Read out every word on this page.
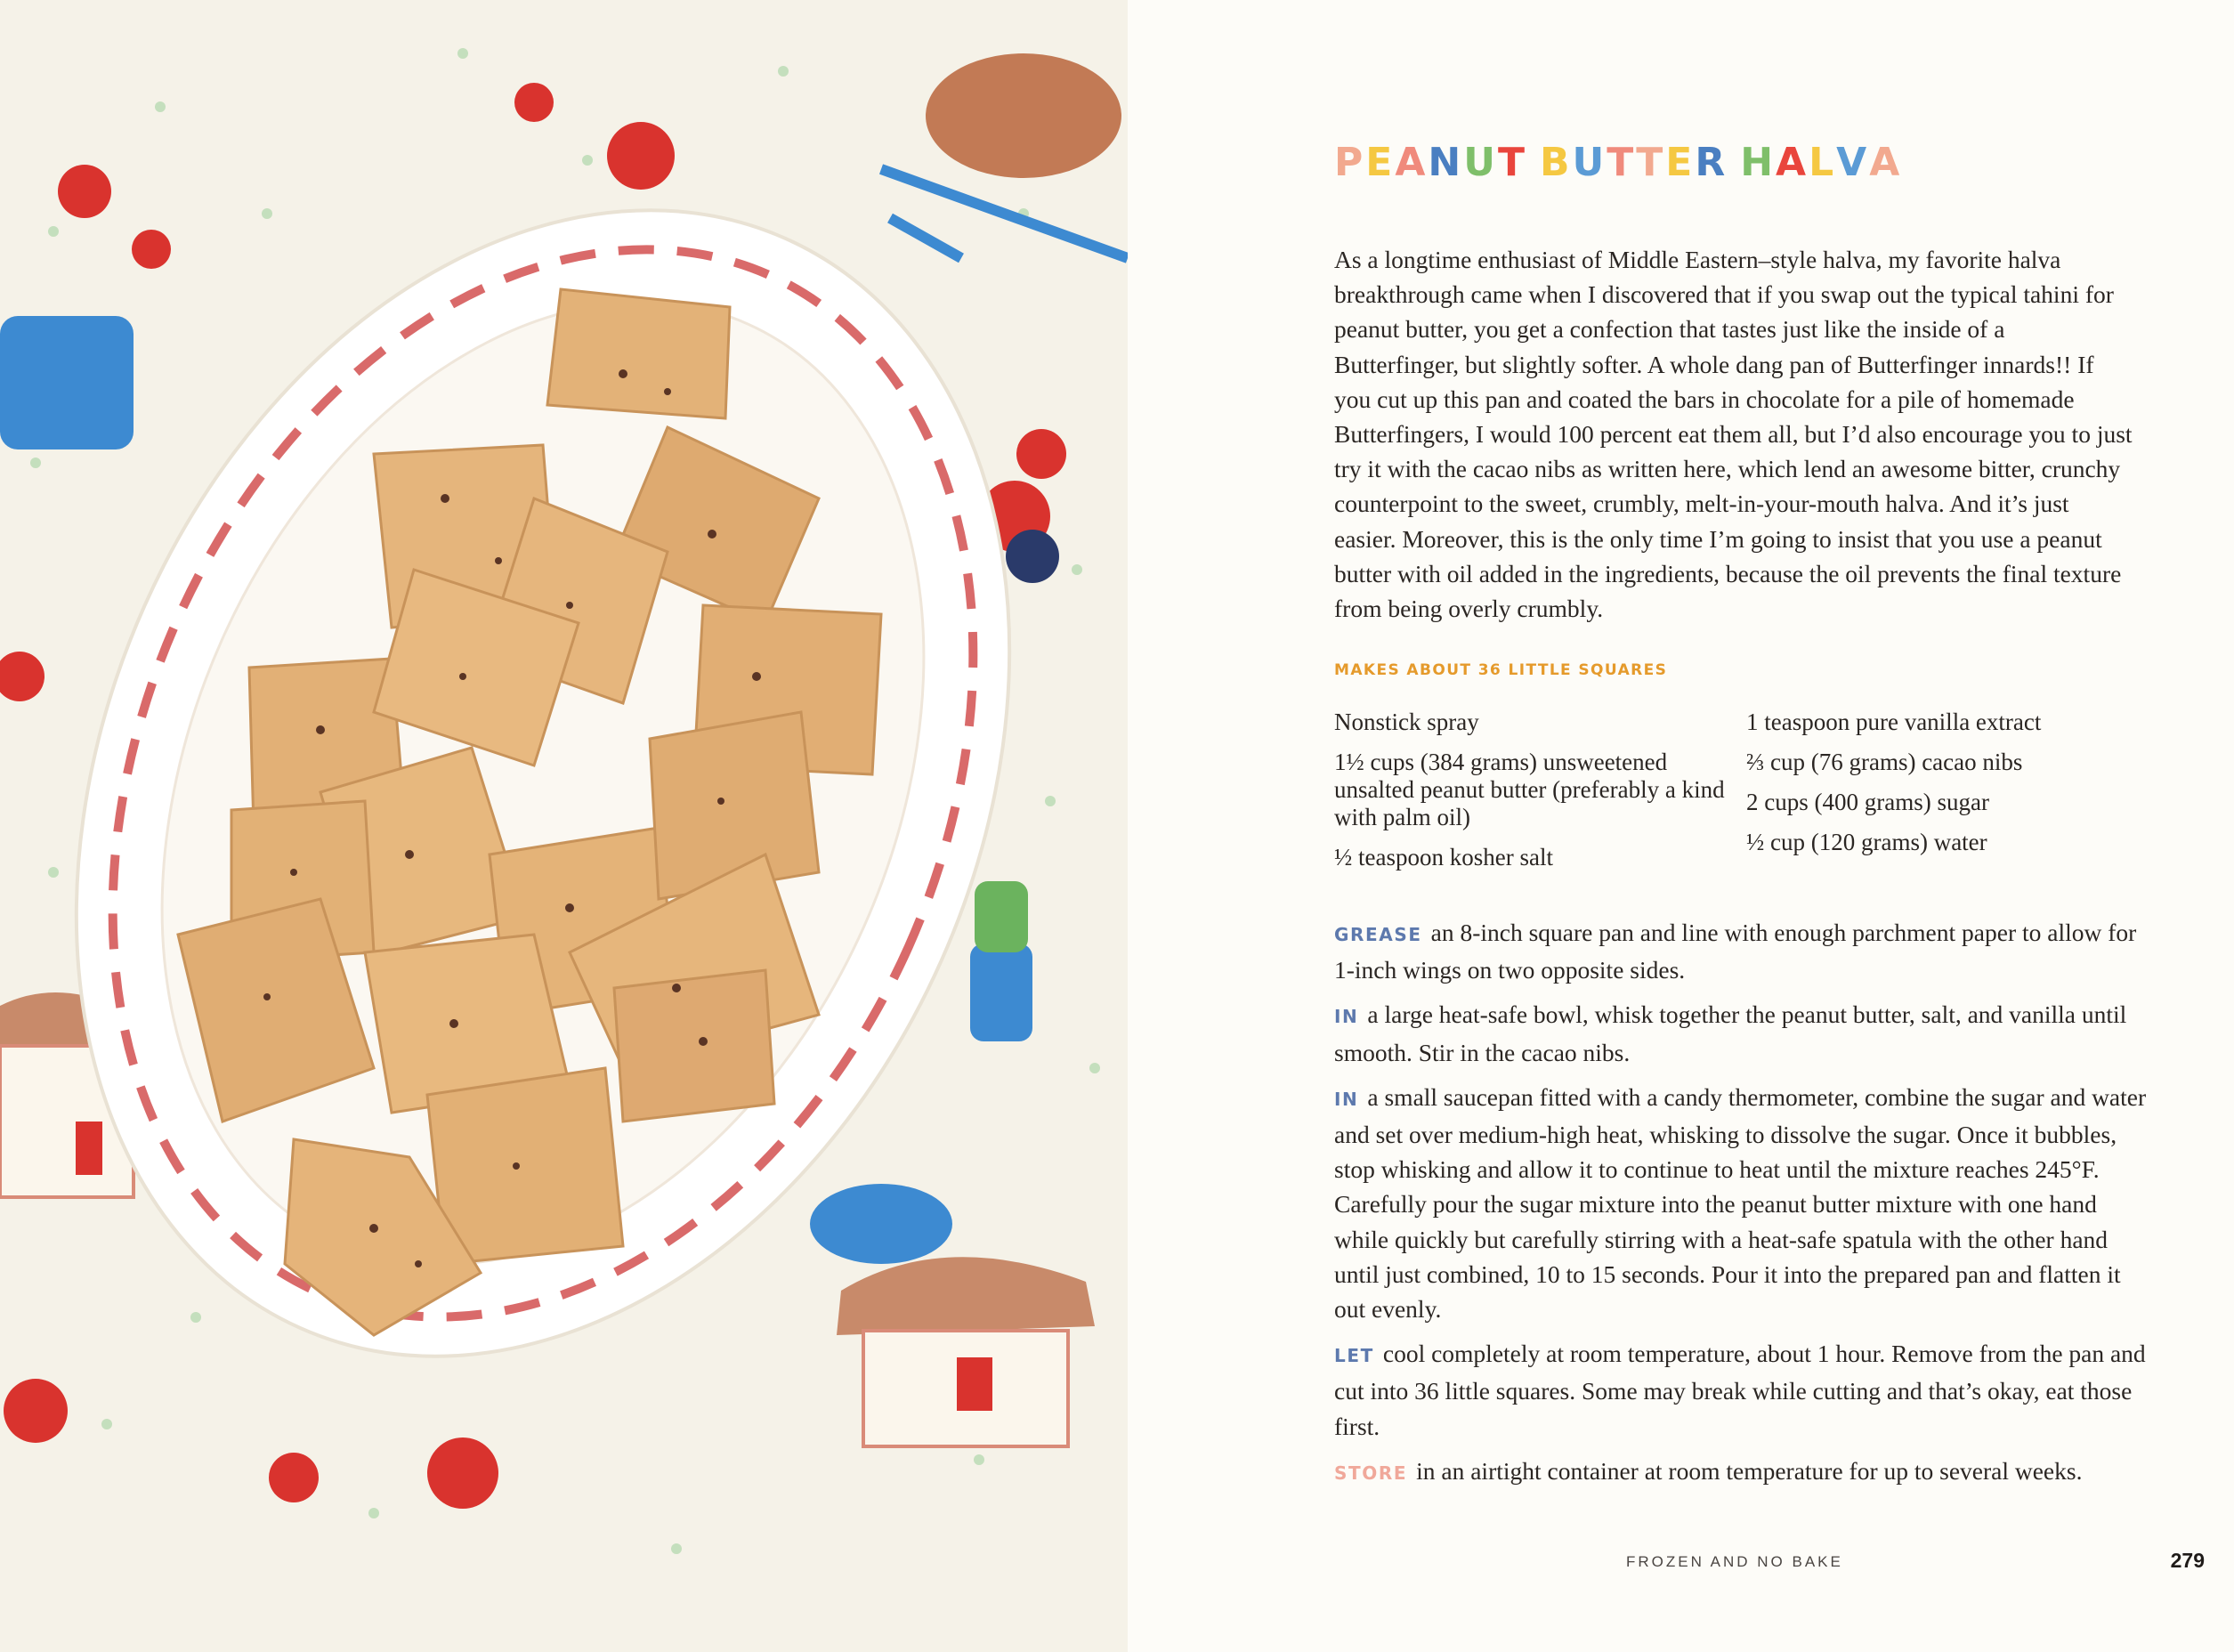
PEANUT BUTTER HALVA

As a longtime enthusiast of Middle Eastern–style halva, my favorite halva breakthrough came when I discovered that if you swap out the typical tahini for peanut butter, you get a confection that tastes just like the inside of a Butterfinger, but slightly softer. A whole dang pan of Butterfinger innards!! If you cut up this pan and coated the bars in chocolate for a pile of homemade Butterfingers, I would 100 percent eat them all, but I’d also encourage you to just try it with the cacao nibs as written here, which lend an awesome bitter, crunchy counterpoint to the sweet, crumbly, melt-in-your-mouth halva. And it’s just easier. Moreover, this is the only time I’m going to insist that you use a peanut butter with oil added in the ingredients, because the oil prevents the final texture from being overly crumbly.

MAKES ABOUT 36 LITTLE SQUARES
Nonstick spray
1½ cups (384 grams) unsweetened unsalted peanut butter (preferably a kind with palm oil)
½ teaspoon kosher salt
1 teaspoon pure vanilla extract
⅔ cup (76 grams) cacao nibs
2 cups (400 grams) sugar
½ cup (120 grams) water
GREASE an 8-inch square pan and line with enough parchment paper to allow for 1-inch wings on two opposite sides.
IN a large heat-safe bowl, whisk together the peanut butter, salt, and vanilla until smooth. Stir in the cacao nibs.
IN a small saucepan fitted with a candy thermometer, combine the sugar and water and set over medium-high heat, whisking to dissolve the sugar. Once it bubbles, stop whisking and allow it to continue to heat until the mixture reaches 245°F. Carefully pour the sugar mixture into the peanut butter mixture with one hand while quickly but carefully stirring with a heat-safe spatula with the other hand until just combined, 10 to 15 seconds. Pour it into the prepared pan and flatten it out evenly.
LET cool completely at room temperature, about 1 hour. Remove from the pan and cut into 36 little squares. Some may break while cutting and that’s okay, eat those first.
STORE in an airtight container at room temperature for up to several weeks.
FROZEN AND NO BAKE	279
